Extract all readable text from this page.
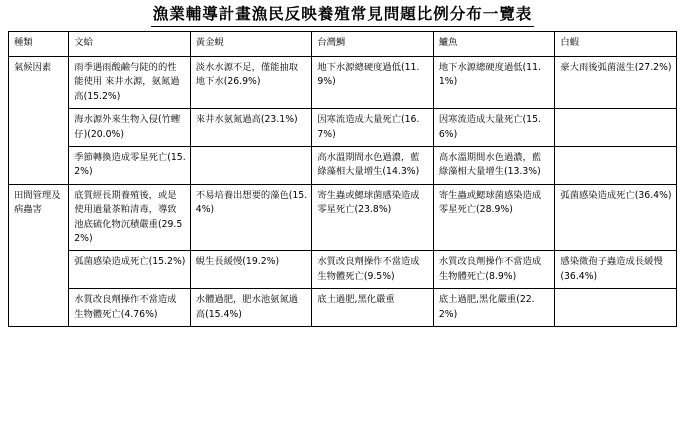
漁業輔導計畫漁民反映養殖常見問題比例分布一覽表
種類	文蛤	黃金蜆	台灣鯛	鱸魚	白蝦
氣候因素	雨季遇雨酸鹼勻陡的的性能使用 來井水源，氨氮過高(15.2%)	淡水水源不足，僅能抽取地下水(26.9%)	地下水源總硬度過低(11.9%)	地下水源總硬度過低(11.1%)	豪大雨後弧菌滋生(27.2%)

	海水源外來生物入侵(竹蟶仔)(20.0%)	來井水氨氮過高(23.1%)	因寒流造成大量死亡(16.7%)	因寒流造成大量死亡(15.6%)	

	季節轉換造成零星死亡(15.2%)		高水溫期間水色過濃，藍綠藻相大量增生(14.3%)	高水溫期間水色過濃，藍綠藻相大量增生(13.3%)	

田間管理及病蟲害	底質經長期養殖後，或是使用過量茶粕清毒，導致池底硫化物沉積嚴重(29.52%)	不易培養出想要的藻色(15.4%)	寄生蟲或鰓球菌感染造成零星死亡(23.8%)	寄生蟲或鰓球菌感染造成零星死亡(28.9%)	弧菌感染造成死亡(36.4%)

	弧菌感染造成死亡(15.2%)	蜆生長緩慢(19.2%)	水質改良劑操作不當造成生物體死亡(9.5%)	水質改良劑操作不當造成生物體死亡(8.9%)	感染微孢子蟲造成長緩慢(36.4%)

	水質改良劑操作不當造成生物體死亡(4.76%)	水體過肥，肥水池氨氮過高(15.4%)	底土過肥,黑化嚴重	底土過肥,黑化嚴重(22.2%)	
